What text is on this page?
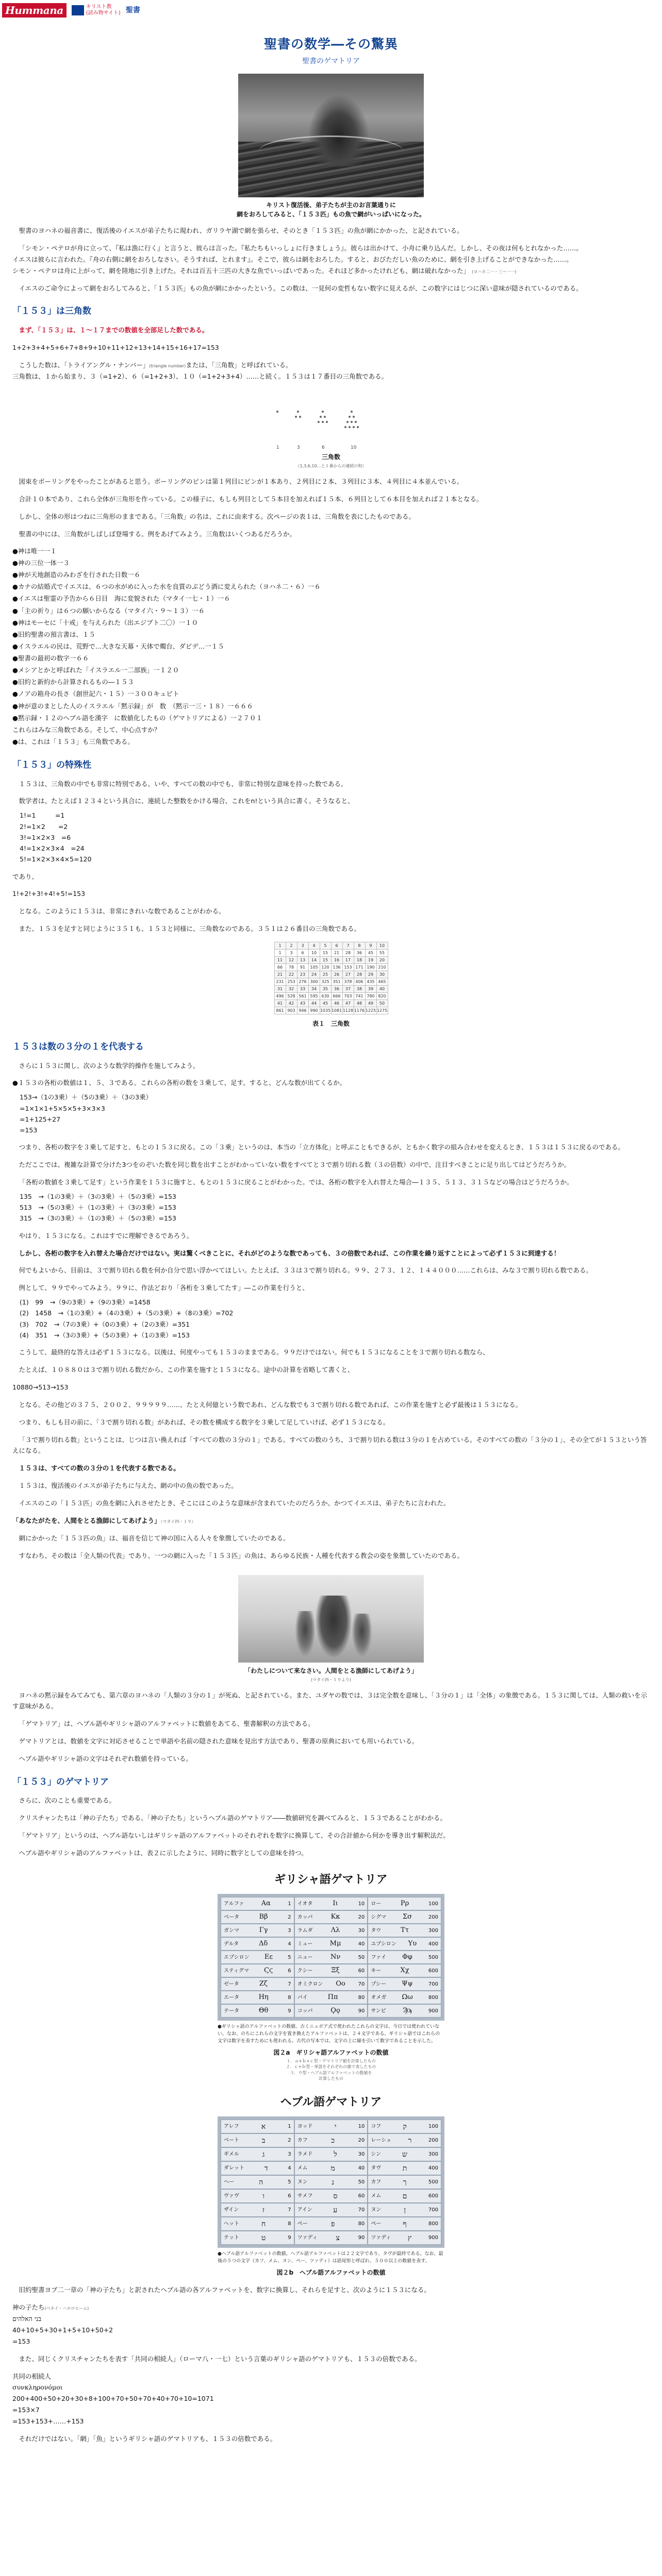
Hummana	キリスト教
(読み物サイト) 聖書
聖書の数学―その驚異
聖書のゲマトリア
キリスト復活後、弟子たちが主のお言葉通りに
網をおろしてみると、「１５３匹」もの魚で網がいっぱいになった。

聖書のヨハネの福音書に、復活後のイエスが弟子たちに現われ、ガリラヤ湖で網を張らせ、そのとき「１５３匹」の魚が網にかかった、と記されている。

「シモン・ペテロが舟に立って、『私は漁に行く』と言うと、彼らは言った。『私たちもいっしょに行きましょう』。彼らは出かけて、小舟に乗り込んだ。しかし、その夜は何もとれなかった……。
イエスは彼らに言われた。『舟の右側に網をおろしなさい。そうすれば、とれます』。そこで、彼らは網をおろした。すると、おびただしい魚のために、網を引き上げることができなかった……。
シモン・ペテロは舟に上がって、網を陸地に引き上げた。それは百五十三匹の大きな魚でいっぱいであった。それほど多かったけれども、網は破れなかった」 (ヨハネ二一・三〜一一)

イエスのご命令によって網をおろしてみると、「１５３匹」もの魚が網にかかったという。この数は、一見何の変哲もない数字に見えるが、この数字にはじつに深い意味が隠されているのである。

「１５３」は三角数

まず、「１５３」は、１〜１７までの数値を全部足した数である。

1+2+3+4+5+6+7+8+9+10+11+12+13+14+15+16+17=153

こうした数は、「トライアングル・ナンバー」(triangle number)または、「三角数」と呼ばれている。
三角数は、１から始まり、３（=1+2）、６（=1+2+3）、１０（=1+2+3+4）……と続く。１５３は１７番目の三角数である。

1	3	6	10
三角数
（1,3,6,10…と１番からの連続の和）

図束をボーリングをやったことがあると思う。ボーリングのピンは第１列目にピンが１本あり、２列目に２本、３列目に３本、４列目に４本並んでいる。

合計１０本であり、これら全体が三角形を作っている。この様子に、もしも列目として５本目を加えれば１５本、６列目として６本目を加えれば２１本となる。

しかし、全体の形はつねに三角形のままである。「三角数」の名は、これに由来する。次ページの表１は、三角数を表にしたものである。

聖書の中には、三角数がしばしば登場する。例をあげてみよう。三角数はいくつあるだろうか。

●神は唯一一１
●神の三位一体一３
●神が天地創造のみわざを行された日数一６
●カナの結婚式でイエスは、６つの水がめに入った水を良質のぶどう酒に変えられた（ヨハネ二・６）一６
●イエスは聖霊の予告から６日目　海に変貌された（マタイ一七・１）一６
●「主の祈り」は６つの願いからなる（マタイ六・９〜１３）一６
●神はモーセに「十戒」を与えられた（出エジプト二〇）一１０
●旧約聖書の預言書は、１５
●イスラエルの民は、荒野で…大きな天幕・天体で燭台、ダビデ…一１５
●聖書の最初の数字一６６
●メシアとかと呼ばれた「イスラエル一二部族」一１２０
●旧約と新約から計算されるもの―１５３
●ノアの箱舟の長さ（創世記六・１５）一３００キュビト
●神が意のまとした人のイスラエル「黙示録」が　数　（黙示一三・１８）一６６６
●黙示録・１２のヘブル語を漢字　に数値化したもの（ゲマトリアによる）一２７０１
これらはみな三角数である。そして、中心点すか？
●は、これは「１５３」も三角数である。
「１５３」の特殊性

１５３は、三角数の中でも非常に特別である。いや、すべての数の中でも、非常に特別な意味を持った数である。

数学者は、たとえば１２３４という具合に、連続した整数をかける場合、これをn!という具合に書く。そうなると、

1!=1　　　=1
2!=1×2　　=2
3!=1×2×3　=6
4!=1×2×3×4　=24
5!=1×2×3×4×5=120

であり、

1!+2!+3!+4!+5!=153

となる。このように１５３は、非常にきれいな数であることがわかる。

また、１５３を足すと同じように３５１も、１５３と同様に、三角数なのである。３５１は２６番目の三角数である。

1	2	3	4	5	6	7	8	9	10
1	3	6	10	15	21	28	36	45	55
11	12	13	14	15	16	17	18	19	20
66	78	91	105	120	136	153	171	190	210
21	22	23	24	25	26	27	28	29	30
231	253	276	300	325	351	378	406	435	465
31	32	33	34	35	36	37	38	39	40
496	528	561	595	630	666	703	741	780	820
41	42	43	44	45	46	47	48	49	50
861	903	946	990	1035	1081	1128	1176	1225	1275
表１　三角数
１５３は数の３分の１を代表する

さらに１５３に関し、次のような数学的操作を施してみよう。

●１５３の各桁の数値は１、５、３である。これらの各桁の数を３乗して、足す。すると、どんな数が出てくるか。

153→（1の3乗）＋（5の3乗）＋（3の3乗）
=1×1×1+5×5×5+3×3×3
=1+125+27
=153

つまり、各桁の数字を３乗して足すと、もとの１５３に戻る。この「３乗」というのは、本当の「立方体化」と呼ぶこともできるが、ともかく数字の組み合わせを変えるとき、１５３は１５３に戻るのである。

ただここでは、複雑な計算で分けた3つをのぞいた数を同じ数を出すことがわかっていない数をすべてと３で割り切れる数（３の倍数）の中で、注目すべきことに足り出してはどうだろうか。

「各桁の数値を３乗して足す」という作業を１５３に施すと、もとの１５３に戻ることがわかった。では、各桁の数字を入れ替えた場合―１３５、５１３、３１５などの場合はどうだろうか。

135　→（1の3乗）＋（3の3乗）＋（5の3乗）=153
513　→（5の3乗）＋（1の3乗）＋（3の3乗）=153
315　→（3の3乗）＋（1の3乗）＋（5の3乗）=153

やはり、１５３になる。これはすでに理解できるであろう。

しかし、各桁の数字を入れ替えた場合だけではない。実は驚くべきことに、それがどのような数であっても、３の倍数であれば、この作業を繰り返すことによって必ず１５３に到達する！

何でもよいから、目前は、３で割り切れる数を何か自分で思い浮かべてほしい。たとえば、３３は３で割り切れる。９９、２７３、１２、１４４０００……これらは、みな３で割り切れる数である。

例として、９９でやってみよう。９９に、作法どおり「各桁を３乗してたす」―この作業を行うと、

(1)　99　→（9の3乗）+（9の3乗）=1458
(2)　1458　→（1の3乗）+（4の3乗）+（5の3乗）+（8の3乗）=702
(3)　702　→（7の3乗）+（0の3乗）+（2の3乗）=351
(4)　351　→（3の3乗）+（5の3乗）+（1の3乗）=153

こうして、最終的な答えは必ず１５３になる。以後は、何度やっても１５３のままである。９９だけではない。何でも１５３になることを３で割り切れる数なら、

たとえば、１０８８０は３で割り切れる数だから、この作業を施すと１５３になる。途中の計算を省略して書くと、

10880→513→153

となる。その他どの３７５、２００２、９９９９９……、たとえ何億という数であれ、どんな数でも３で割り切れる数であれば、この作業を施すと必ず最後は１５３になる。

つまり、もしも目の前に、「３で割り切れる数」があれば、その数を構成する数字を３乗して足していけば、必ず１５３になる。

「３で割り切れる数」ということは、じつは言い換えれば「すべての数の３分の１」である。すべての数のうち、３で割り切れる数は３分の１を占めている。そのすべての数の「３分の１」、その全てが１５３という答えになる。

１５３は、すべての数の３分の１を代表する数である。

１５３は、復活後のイエスが弟子たちに与えた、網の中の魚の数であった。

イエスのこの「１５３匹」の魚を網に入れさせたとき、そこにはこのような意味が含まれていたのだろうか。かつてイエスは、弟子たちに言われた。

「あなたがたを、人間をとる漁師にしてあげよう」（マタイ四・１９）

網にかかった「１５３匹の魚」は、福音を信じて神の国に入る人々を象徴していたのである。

すなわち、その数は「全人類の代表」であり、一つの網に入った「１５３匹」の魚は、あらゆる民族・人種を代表する教会の姿を象徴していたのである。

「わたしについて来なさい。人間をとる漁師にしてあげよう」
(マタイ四・１９より)

ヨハネの黙示録をみてみても、第六章のヨハネの「人類の３分の１」が死ぬ、と記されている。また、ユダヤの数では、３は完全数を意味し、「３分の１」は「全体」の象徴である。１５３に関しては、人類の救いを示す意味がある。

「ゲマトリア」は、ヘブル語やギリシャ語のアルファベットに数値をあてる、聖書解釈の方法である。

ゲマトリアとは、数値を文字に対応させることで単語や名前の隠された意味を見出す方法であり、聖書の原典においても用いられている。

ヘブル語やギリシャ語の文字はそれぞれ数値を持っている。

「１５３」のゲマトリア

さらに、次のことも重要である。

クリスチャンたちは「神の子たち」である。「神の子たち」というヘブル語のゲマトリア――数値研究を調べてみると、１５３であることがわかる。

「ゲマトリア」というのは、ヘブル語ないしはギリシャ語のアルファベットのそれぞれを数字に換算して、その合計値から何かを導き出す解釈法だ。

ヘブル語やギリシャ語のアルファベットは、表２に示したように、同時に数字としての意味を持つ。

ギリシャ語ゲマトリア
アルファ Αα 1	イオタ Ιι 10	ロー Ρρ 100

ベータ Ββ 2	カッパ Κκ 20	シグマ Σσ 200

ガンマ Γγ 3	ラムダ Λλ 30	タウ Ττ 300

デルタ Δδ 4	ミュー Μμ 40	ユプシロン Υυ 400

エプシロン Εε 5	ニュー Νν 50	ファイ Φφ 500

スティグマ Ϛϛ 6	クシー Ξξ 60	キー Χχ 600

ゼータ Ζζ 7	オミクロン Οο 70	プシー Ψψ 700

エータ Ηη 8	パイ Ππ 80	オメガ Ωω 800

テータ Θθ 9	コッパ Ϙϙ 90	サンピ Ϡϡ 900
●ギリシャ語のアルファベットの数値。古くニュボア式で使われたこれらの文字は、今日では使われていない。なお、のちにこれらの文字を置き換えたアルファベットは、２４文字である。ギリシャ語ではこれらの文字は数字を表すためにも使われる。古代の写本では、文字の上に線を引いて数字であることを示した。
図２a　ギリシャ語アルファベットの数値
１．ａ+ｂ+ｃ型・ゲマトリア値を計算したもの
２．ｃ+ｂ型・単語をそれぞれの値で表したもの
３．ウ型・ヘブル語アルファベットの数値を
計算したもの
ヘブル語ゲマトリア
アレフ א 1	ヨッド י 10	コフ ק 100

ベート ב 2	カフ כ 20	レーシュ ר 200

ギメル ג 3	ラメド ל 30	シン ש 300

ダレット ד 4	メム מ 40	タヴ ת 400

ヘー ה 5	ヌン נ 50	カフ ך 500

ヴァヴ ו 6	サメフ ס 60	メム ם 600

ザイン ז 7	アイン ע 70	ヌン ן 700

ヘット ח 8	ペー פ 80	ペー ף 800

テット ט 9	ツァディ צ 90	ツァディ ץ 900
●ヘブル語アルファベットの数値。ヘブル語アルファベットは２２文字であり、タヴが最終である。なお、最後の５つの文字（カフ、メム、ヌン、ペー、ツァディ）は語尾形と呼ばれ、５００以上の数値を表す。
図２b　ヘブル語アルファベットの数値

旧約聖書ヨブ二一章の「神の子たち」と訳されたヘブル語の各アルファベットを、数字に換算し、それらを足すと、次のように１５３になる。

神の子たち(ベネイ・ハエロヒーム)

בני האלהים

40+10+5+30+1+5+10+50+2

=153

また、同じくクリスチャンたちを表す「共同の相続人」（ローマ八・一七）という言葉のギリシャ語のゲマトリアも、１５３の倍数である。

共同の相続人

συνκληρονόμοι

200+400+50+20+30+8+100+70+50+70+40+70+10=1071

=153×7

=153+153+……+153

それだけではない。「網」「魚」というギリシャ語のゲマトリアも、１５３の倍数である。
